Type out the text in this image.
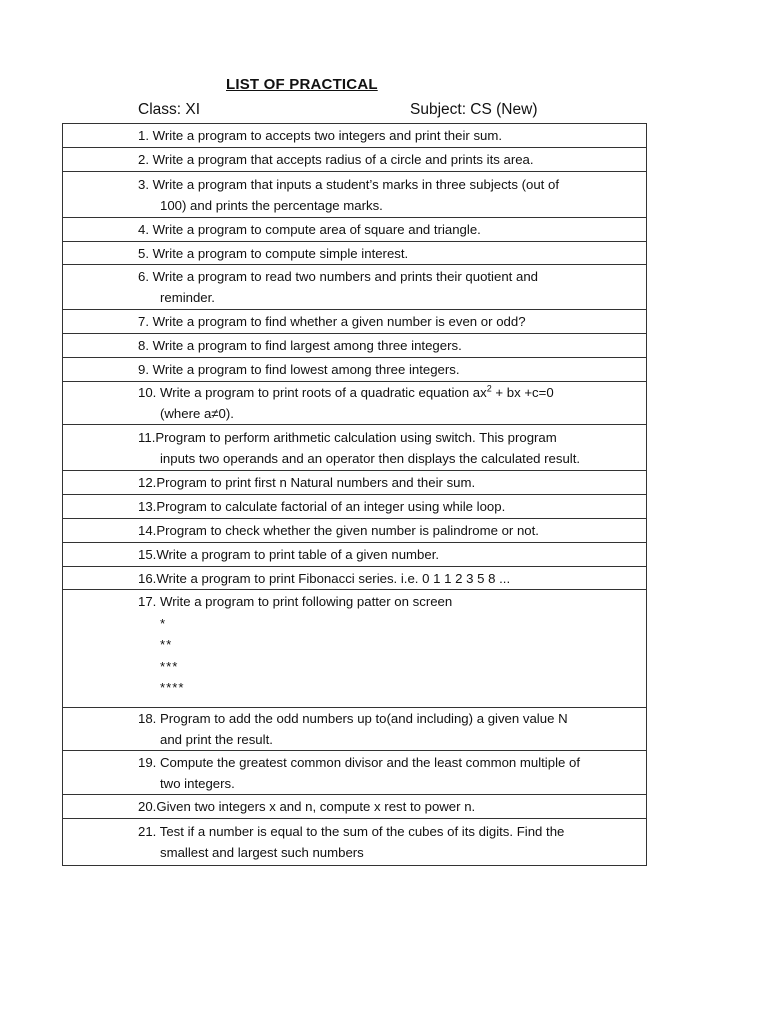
LIST OF PRACTICAL
Class: XI	Subject: CS (New)
1. Write a program to accepts two integers and print their sum.

2. Write a program that accepts radius of a circle and prints its area.

3. Write a program that inputs a student’s marks in three subjects (out of
100) and prints the percentage marks.

4. Write a program to compute area of square and triangle.

5. Write a program to compute simple interest.

6. Write a program to read two numbers and prints their quotient and
reminder.

7. Write a program to find whether a given number is even or odd?

8. Write a program to find largest among three integers.

9. Write a program to find lowest among three integers.

10. Write a program to print roots of a quadratic equation $ax^2$ + bx +c=0
(where a≠0).

11.Program to perform arithmetic calculation using switch. This program
inputs two operands and an operator then displays the calculated result.

12.Program to print first n Natural numbers and their sum.

13.Program to calculate factorial of an integer using while loop.

14.Program to check whether the given number is palindrome or not.

15.Write a program to print table of a given number.

16.Write a program to print Fibonacci series. i.e. 0 1 1 2 3 5 8 ...

17. Write a program to print following patter on screen
*
**
***
****

18. Program to add the odd numbers up to(and including) a given value N
and print the result.

19. Compute the greatest common divisor and the least common multiple of
two integers.

20.Given two integers x and n, compute x rest to power n.

21. Test if a number is equal to the sum of the cubes of its digits. Find the
smallest and largest such numbers
